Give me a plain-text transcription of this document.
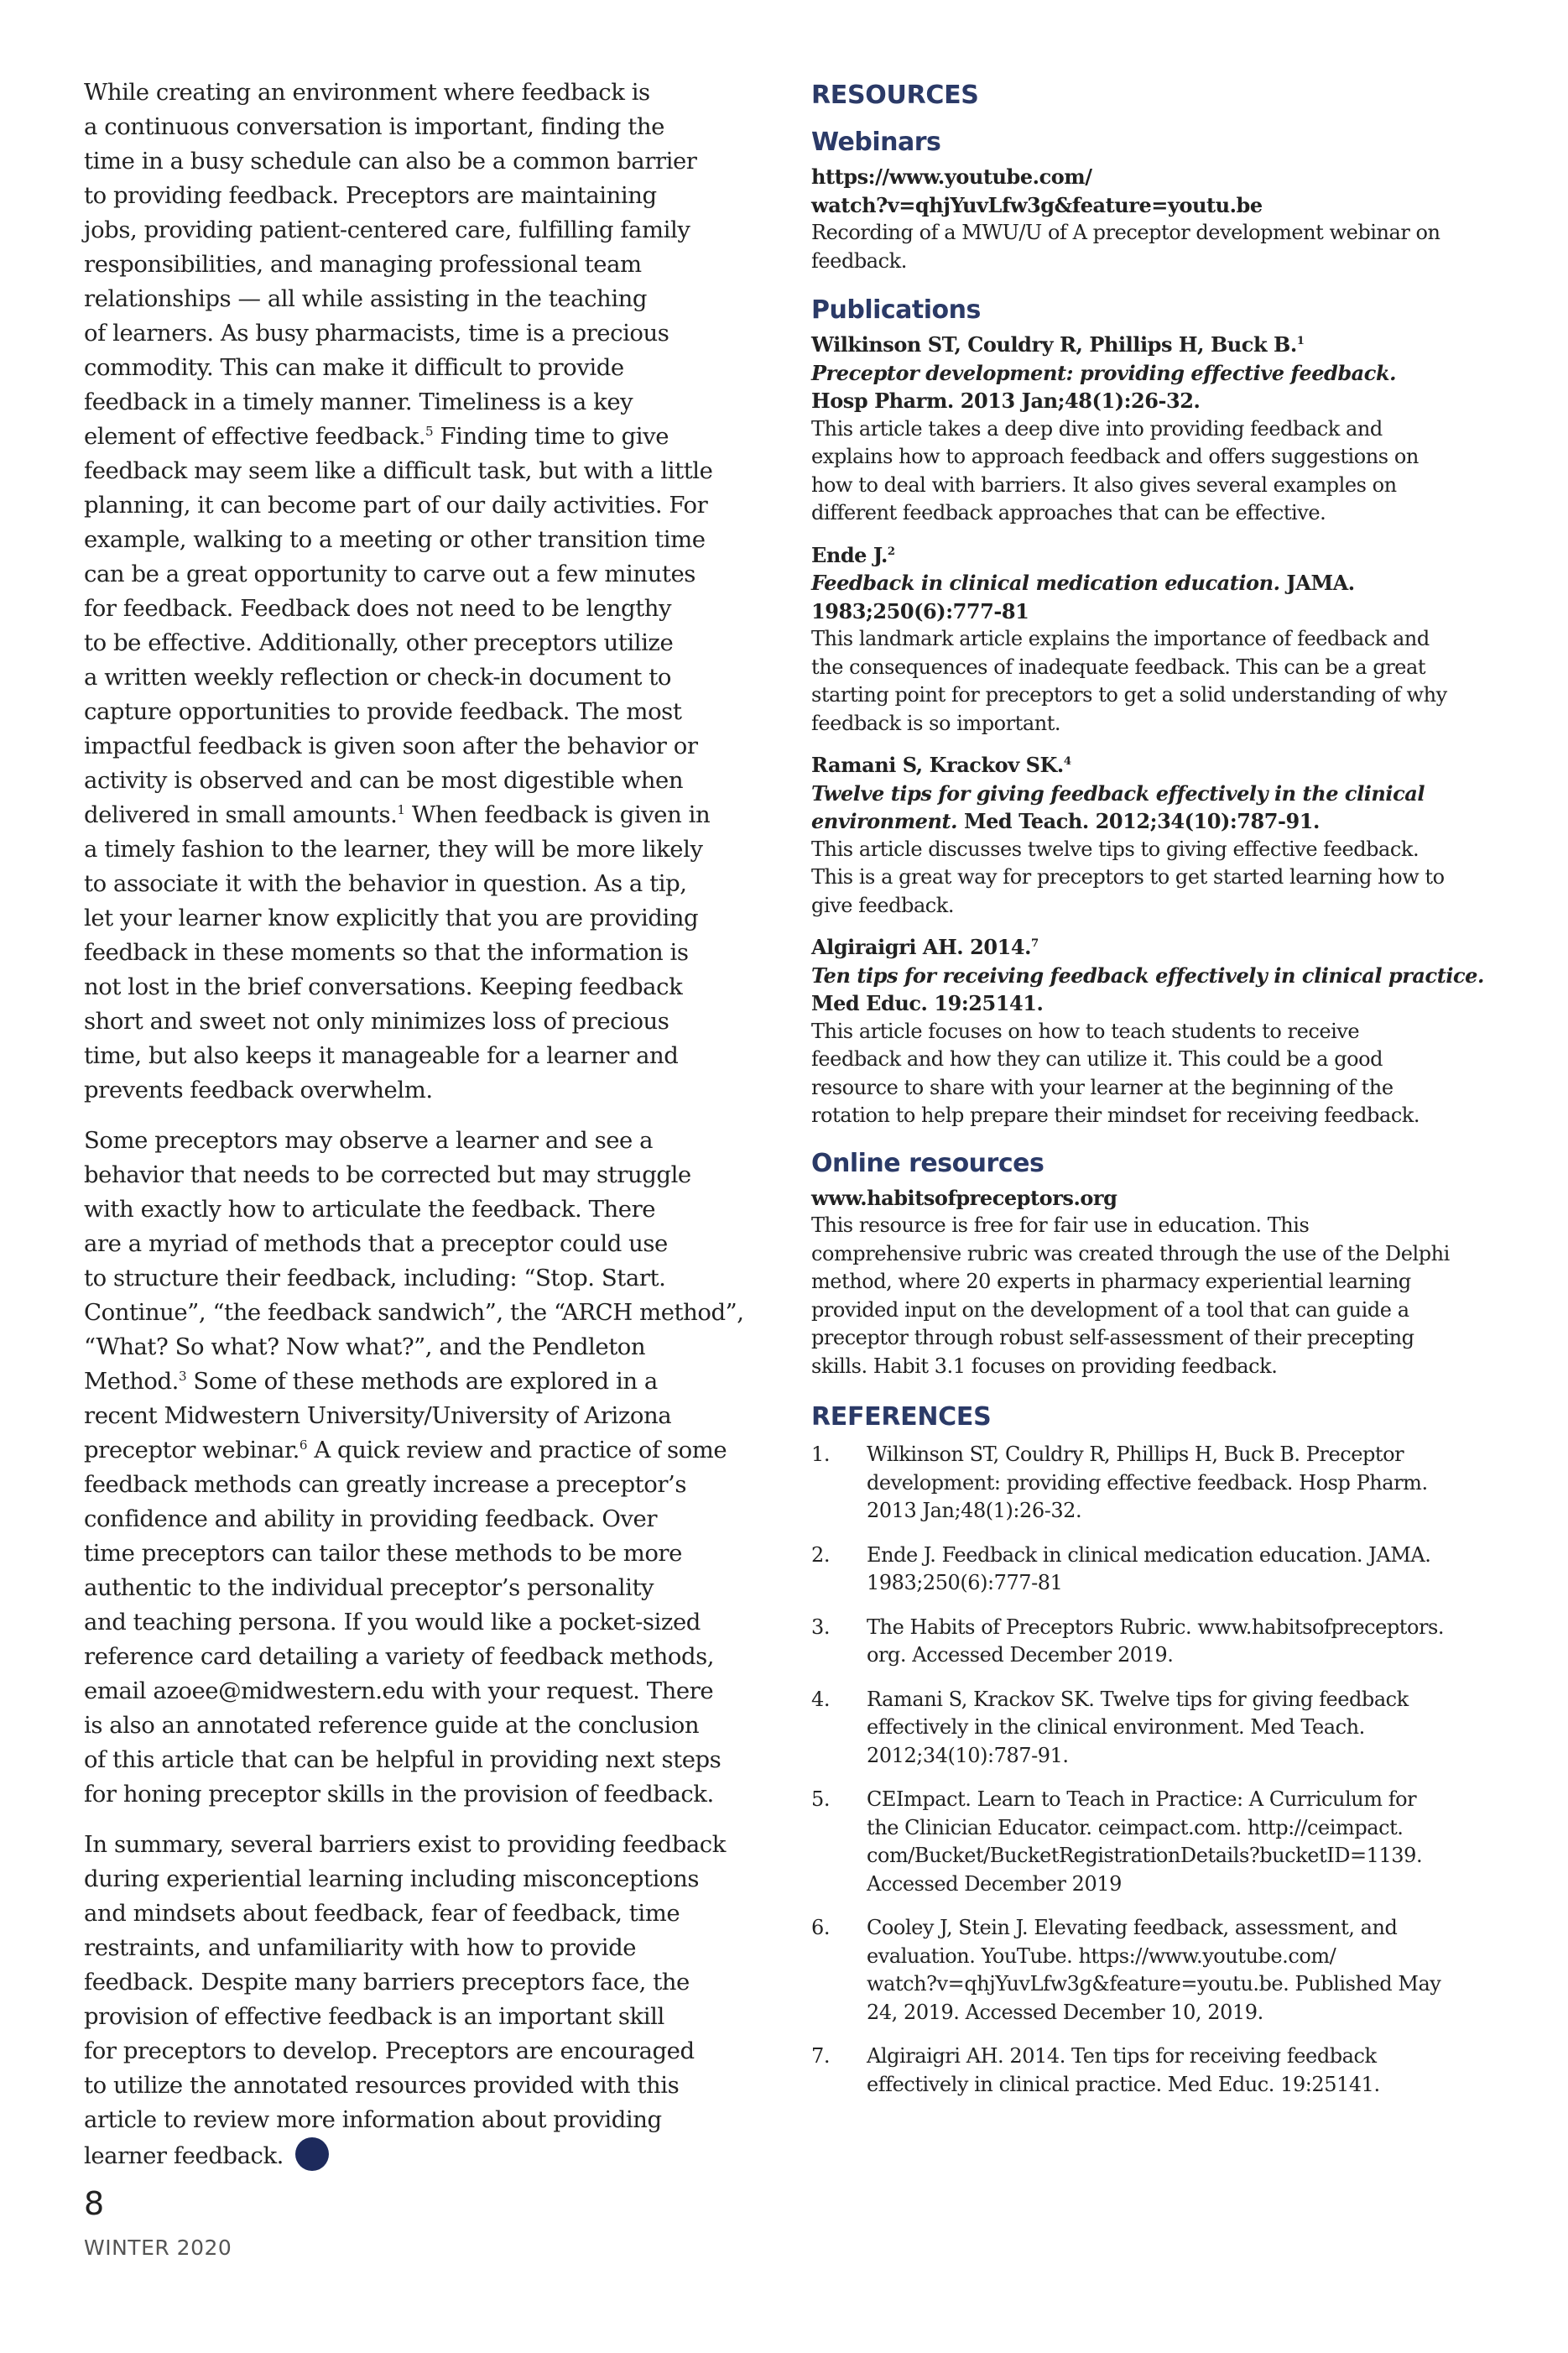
While creating an environment where feedback is
a continuous conversation is important, finding the
time in a busy schedule can also be a common barrier
to providing feedback. Preceptors are maintaining
jobs, providing patient-centered care, fulfilling family
responsibilities, and managing professional team
relationships — all while assisting in the teaching
of learners. As busy pharmacists, time is a precious
commodity. This can make it difficult to provide
feedback in a timely manner. Timeliness is a key
element of effective feedback.$^5$ Finding time to give
feedback may seem like a difficult task, but with a little
planning, it can become part of our daily activities. For
example, walking to a meeting or other transition time
can be a great opportunity to carve out a few minutes
for feedback. Feedback does not need to be lengthy
to be effective. Additionally, other preceptors utilize
a written weekly reflection or check-in document to
capture opportunities to provide feedback. The most
impactful feedback is given soon after the behavior or
activity is observed and can be most digestible when
delivered in small amounts.$^1$ When feedback is given in
a timely fashion to the learner, they will be more likely
to associate it with the behavior in question. As a tip,
let your learner know explicitly that you are providing
feedback in these moments so that the information is
not lost in the brief conversations. Keeping feedback
short and sweet not only minimizes loss of precious
time, but also keeps it manageable for a learner and
prevents feedback overwhelm.

Some preceptors may observe a learner and see a
behavior that needs to be corrected but may struggle
with exactly how to articulate the feedback. There
are a myriad of methods that a preceptor could use
to structure their feedback, including: “Stop. Start.
Continue”, “the feedback sandwich”, the “ARCH method”,
“What? So what? Now what?”, and the Pendleton
Method.$^3$ Some of these methods are explored in a
recent Midwestern University/University of Arizona
preceptor webinar.$^6$ A quick review and practice of some
feedback methods can greatly increase a preceptor’s
confidence and ability in providing feedback. Over
time preceptors can tailor these methods to be more
authentic to the individual preceptor’s personality
and teaching persona. If you would like a pocket-sized
reference card detailing a variety of feedback methods,
email azoee@midwestern.edu with your request. There
is also an annotated reference guide at the conclusion
of this article that can be helpful in providing next steps
for honing preceptor skills in the provision of feedback.

In summary, several barriers exist to providing feedback
during experiential learning including misconceptions
and mindsets about feedback, fear of feedback, time
restraints, and unfamiliarity with how to provide
feedback. Despite many barriers preceptors face, the
provision of effective feedback is an important skill
for preceptors to develop. Preceptors are encouraged
to utilize the annotated resources provided with this
article to review more information about providing
learner feedback.

RESOURCES
Webinars
https://www.youtube.com/
watch?v=qhjYuvLfw3g&feature=youtu.be
Recording of a MWU/U of A preceptor development webinar on
feedback.
Publications
Wilkinson ST, Couldry R, Phillips H, Buck B.$^1$
Preceptor development: providing effective feedback.
Hosp Pharm. 2013 Jan;48(1):26-32.
This article takes a deep dive into providing feedback and
explains how to approach feedback and offers suggestions on
how to deal with barriers. It also gives several examples on
different feedback approaches that can be effective.
Ende J.$^2$
Feedback in clinical medication education. JAMA.
1983;250(6):777-81
This landmark article explains the importance of feedback and
the consequences of inadequate feedback. This can be a great
starting point for preceptors to get a solid understanding of why
feedback is so important.
Ramani S, Krackov SK.$^4$
Twelve tips for giving feedback effectively in the clinical
environment. Med Teach. 2012;34(10):787-91.
This article discusses twelve tips to giving effective feedback.
This is a great way for preceptors to get started learning how to
give feedback.
Algiraigri AH. 2014.$^7$
Ten tips for receiving feedback effectively in clinical practice.
Med Educ. 19:25141.
This article focuses on how to teach students to receive
feedback and how they can utilize it. This could be a good
resource to share with your learner at the beginning of the
rotation to help prepare their mindset for receiving feedback.
Online resources
www.habitsofpreceptors.org
This resource is free for fair use in education. This
comprehensive rubric was created through the use of the Delphi
method, where 20 experts in pharmacy experiential learning
provided input on the development of a tool that can guide a
preceptor through robust self-assessment of their precepting
skills. Habit 3.1 focuses on providing feedback.
REFERENCES
1. Wilkinson ST, Couldry R, Phillips H, Buck B. Preceptor
development: providing effective feedback. Hosp Pharm.
2013 Jan;48(1):26-32.
2. Ende J. Feedback in clinical medication education. JAMA.
1983;250(6):777-81
3. The Habits of Preceptors Rubric. www.habitsofpreceptors.
org. Accessed December 2019.
4. Ramani S, Krackov SK. Twelve tips for giving feedback
effectively in the clinical environment. Med Teach.
2012;34(10):787-91.
5. CEImpact. Learn to Teach in Practice: A Curriculum for
the Clinician Educator. ceimpact.com. http://ceimpact.
com/Bucket/BucketRegistrationDetails?bucketID=1139.
Accessed December 2019
6. Cooley J, Stein J. Elevating feedback, assessment, and
evaluation. YouTube. https://www.youtube.com/
watch?v=qhjYuvLfw3g&feature=youtu.be. Published May
24, 2019. Accessed December 10, 2019.
7. Algiraigri AH. 2014. Ten tips for receiving feedback
effectively in clinical practice. Med Educ. 19:25141.
8
WINTER 2020
